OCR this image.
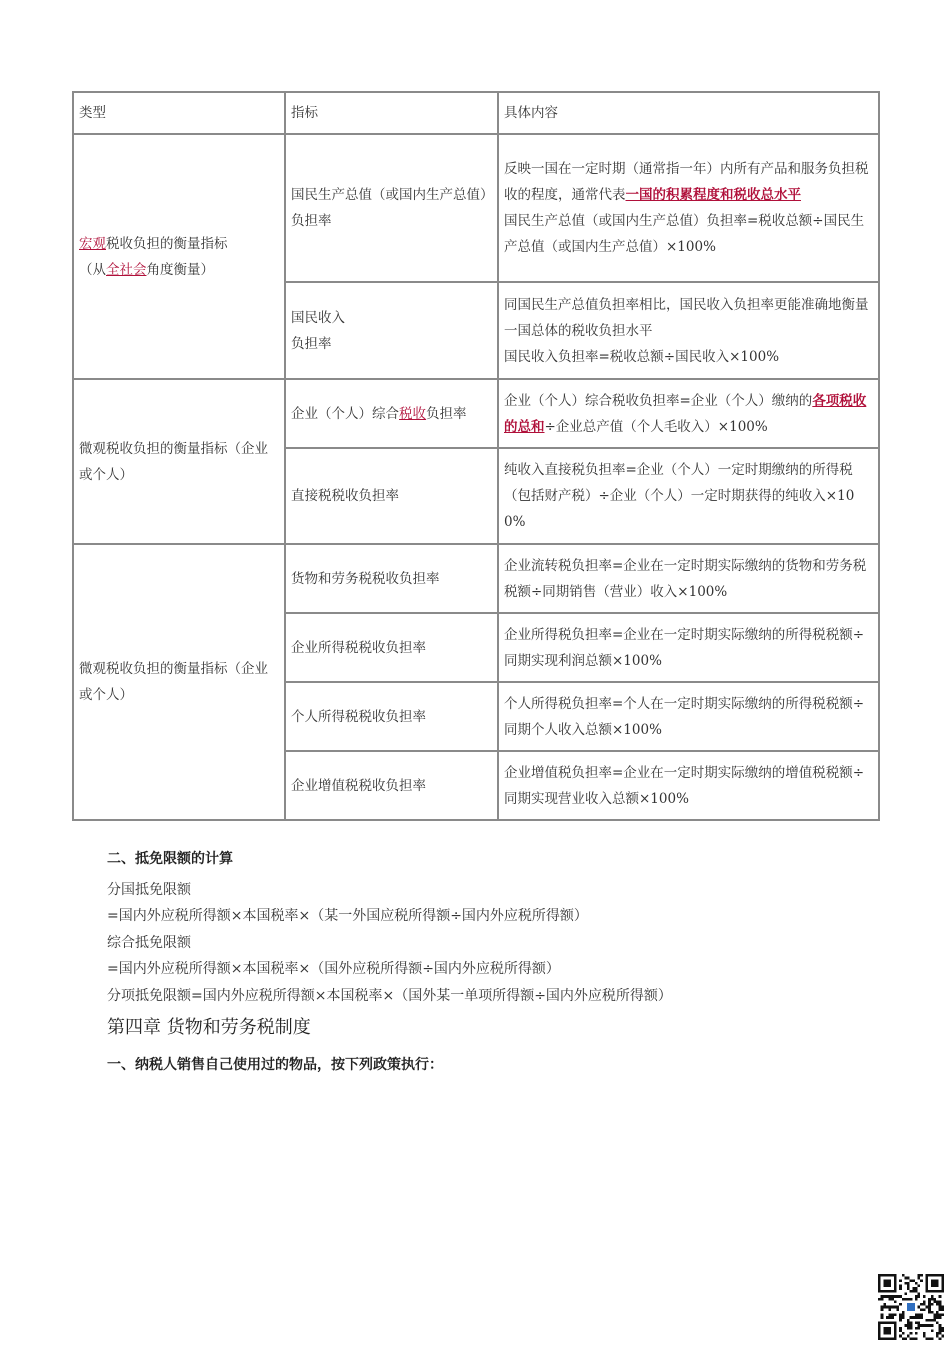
类型	指标	具体内容
宏观税收负担的衡量指标
（从全社会角度衡量）	国民生产总值（或国内生产总值）负担率	反映一国在一定时期（通常指一年）内所有产品和服务负担税收的程度，通常代表一国的积累程度和税收总水平
国民生产总值（或国内生产总值）负担率=税收总额÷国民生产总值（或国内生产总值）×100%
	国民收入
负担率	同国民生产总值负担率相比，国民收入负担率更能准确地衡量一国总体的税收负担水平
国民收入负担率=税收总额÷国民收入×100%
微观税收负担的衡量指标（企业或个人）	企业（个人）综合税收负担率	企业（个人）综合税收负担率=企业（个人）缴纳的各项税收的总和÷企业总产值（个人毛收入）×100%
	直接税税收负担率	纯收入直接税负担率=企业（个人）一定时期缴纳的所得税（包括财产税）÷企业（个人）一定时期获得的纯收入×100%
微观税收负担的衡量指标（企业或个人）	货物和劳务税税收负担率	企业流转税负担率=企业在一定时期实际缴纳的货物和劳务税税额÷同期销售（营业）收入×100%
	企业所得税税收负担率	企业所得税负担率=企业在一定时期实际缴纳的所得税税额÷同期实现利润总额×100%
	个人所得税税收负担率	个人所得税负担率=个人在一定时期实际缴纳的所得税税额÷同期个人收入总额×100%
	企业增值税税收负担率	企业增值税负担率=企业在一定时期实际缴纳的增值税税额÷同期实现营业收入总额×100%
二、抵免限额的计算
分国抵免限额
=国内外应税所得额×本国税率×（某一外国应税所得额÷国内外应税所得额）
综合抵免限额
=国内外应税所得额×本国税率×（国外应税所得额÷国内外应税所得额）
分项抵免限额=国内外应税所得额×本国税率×（国外某一单项所得额÷国内外应税所得额）
第四章 货物和劳务税制度
一、纳税人销售自己使用过的物品，按下列政策执行：
